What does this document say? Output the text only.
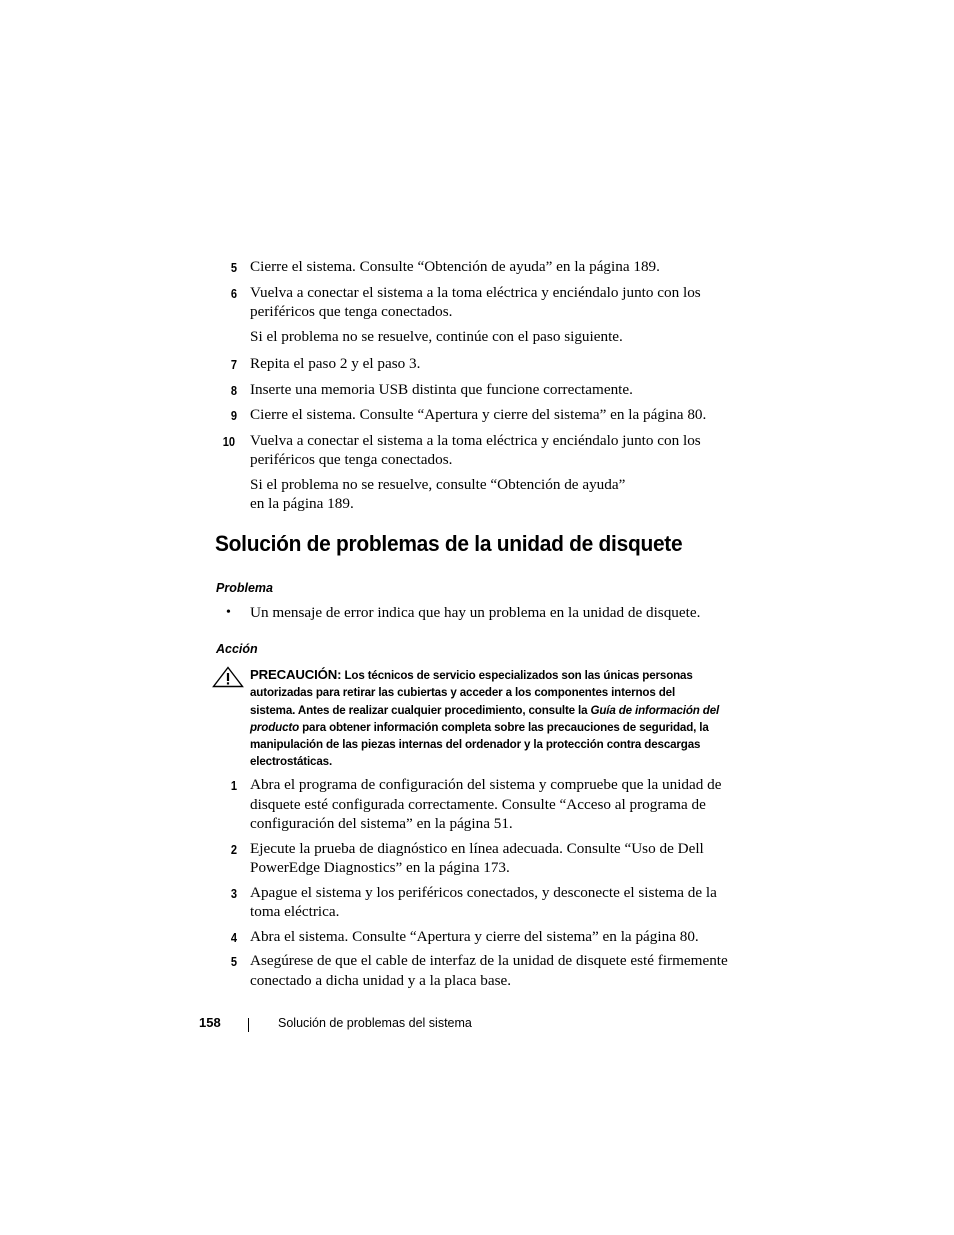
5 Cierre el sistema. Consulte “Obtención de ayuda” en la página 189.

6 Vuelva a conectar el sistema a la toma eléctrica y enciéndalo junto con los periféricos que tenga conectados.

Si el problema no se resuelve, continúe con el paso siguiente.

7 Repita el paso 2 y el paso 3.

8 Inserte una memoria USB distinta que funcione correctamente.

9 Cierre el sistema. Consulte “Apertura y cierre del sistema” en la página 80.

10 Vuelva a conectar el sistema a la toma eléctrica y enciéndalo junto con los periféricos que tenga conectados.

Si el problema no se resuelve, consulte “Obtención de ayuda”
en la página 189.

Solución de problemas de la unidad de disquete
Problema
• Un mensaje de error indica que hay un problema en la unidad de disquete.
Acción
PRECAUCIÓN: Los técnicos de servicio especializados son las únicas personas autorizadas para retirar las cubiertas y acceder a los componentes internos del sistema. Antes de realizar cualquier procedimiento, consulte la Guía de información del producto para obtener información completa sobre las precauciones de seguridad, la manipulación de las piezas internas del ordenador y la protección contra descargas electrostáticas.
1 Abra el programa de configuración del sistema y compruebe que la unidad de disquete esté configurada correctamente. Consulte “Acceso al programa de configuración del sistema” en la página 51.

2 Ejecute la prueba de diagnóstico en línea adecuada. Consulte “Uso de Dell PowerEdge Diagnostics” en la página 173.

3 Apague el sistema y los periféricos conectados, y desconecte el sistema de la toma eléctrica.

4 Abra el sistema. Consulte “Apertura y cierre del sistema” en la página 80.

5 Asegúrese de que el cable de interfaz de la unidad de disquete esté firmemente conectado a dicha unidad y a la placa base.

158	Solución de problemas del sistema
